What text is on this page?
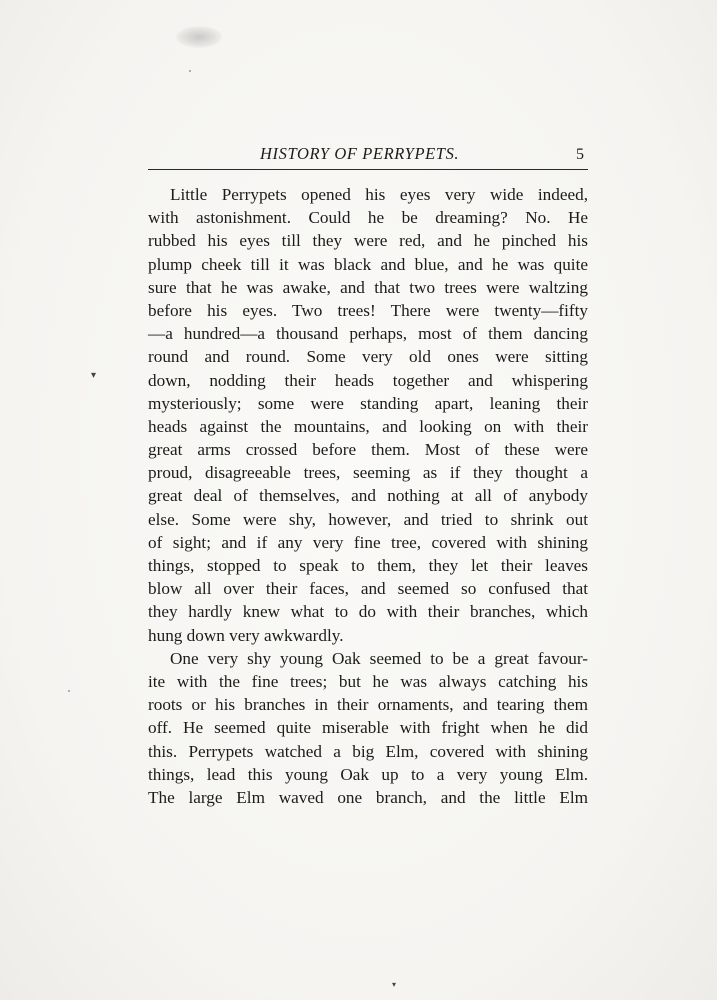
HISTORY OF PERRYPETS.	5
Little Perrypets opened his eyes very wide indeed,
with astonishment. Could he be dreaming? No. He
rubbed his eyes till they were red, and he pinched his
plump cheek till it was black and blue, and he was quite
sure that he was awake, and that two trees were waltzing
before his eyes. Two trees! There were twenty—fifty
—a hundred—a thousand perhaps, most of them dancing
round and round. Some very old ones were sitting
down, nodding their heads together and whispering
mysteriously; some were standing apart, leaning their
heads against the mountains, and looking on with their
great arms crossed before them. Most of these were
proud, disagreeable trees, seeming as if they thought a
great deal of themselves, and nothing at all of anybody
else. Some were shy, however, and tried to shrink out
of sight; and if any very fine tree, covered with shining
things, stopped to speak to them, they let their leaves
blow all over their faces, and seemed so confused that
they hardly knew what to do with their branches, which
hung down very awkwardly.
One very shy young Oak seemed to be a great favour-
ite with the fine trees; but he was always catching his
roots or his branches in their ornaments, and tearing them
off. He seemed quite miserable with fright when he did
this. Perrypets watched a big Elm, covered with shining
things, lead this young Oak up to a very young Elm.
The large Elm waved one branch, and the little Elm
▾
▾
